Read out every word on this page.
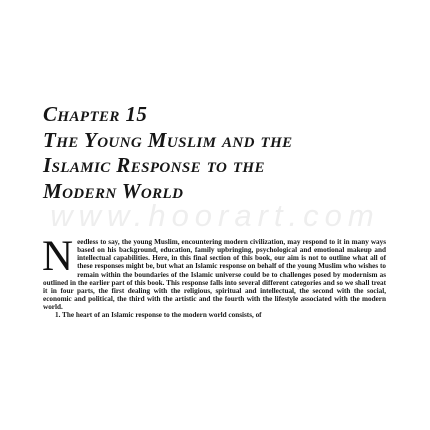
Chapter 15
The Young Muslim and the
Islamic Response to the
Modern World
www.hoorart.com
N eedless to say, the young Muslim, encountering modern civilization, may respond to it in many ways based on his background, education, family upbringing, psychological and emotional makeup and intellectual capabilities. Here, in this final section of this book, our aim is not to outline what all of these responses might be, but what an Islamic response on behalf of the young Muslim who wishes to remain within the boundaries of the Islamic universe could be to challenges posed by modernism as outlined in the earlier part of this book. This response falls into several different categories and so we shall treat it in four parts, the first dealing with the religious, spiritual and intellectual, the second with the social, economic and political, the third with the artistic and the fourth with the lifestyle associated with the modern world.

1. The heart of an Islamic response to the modern world consists, of
